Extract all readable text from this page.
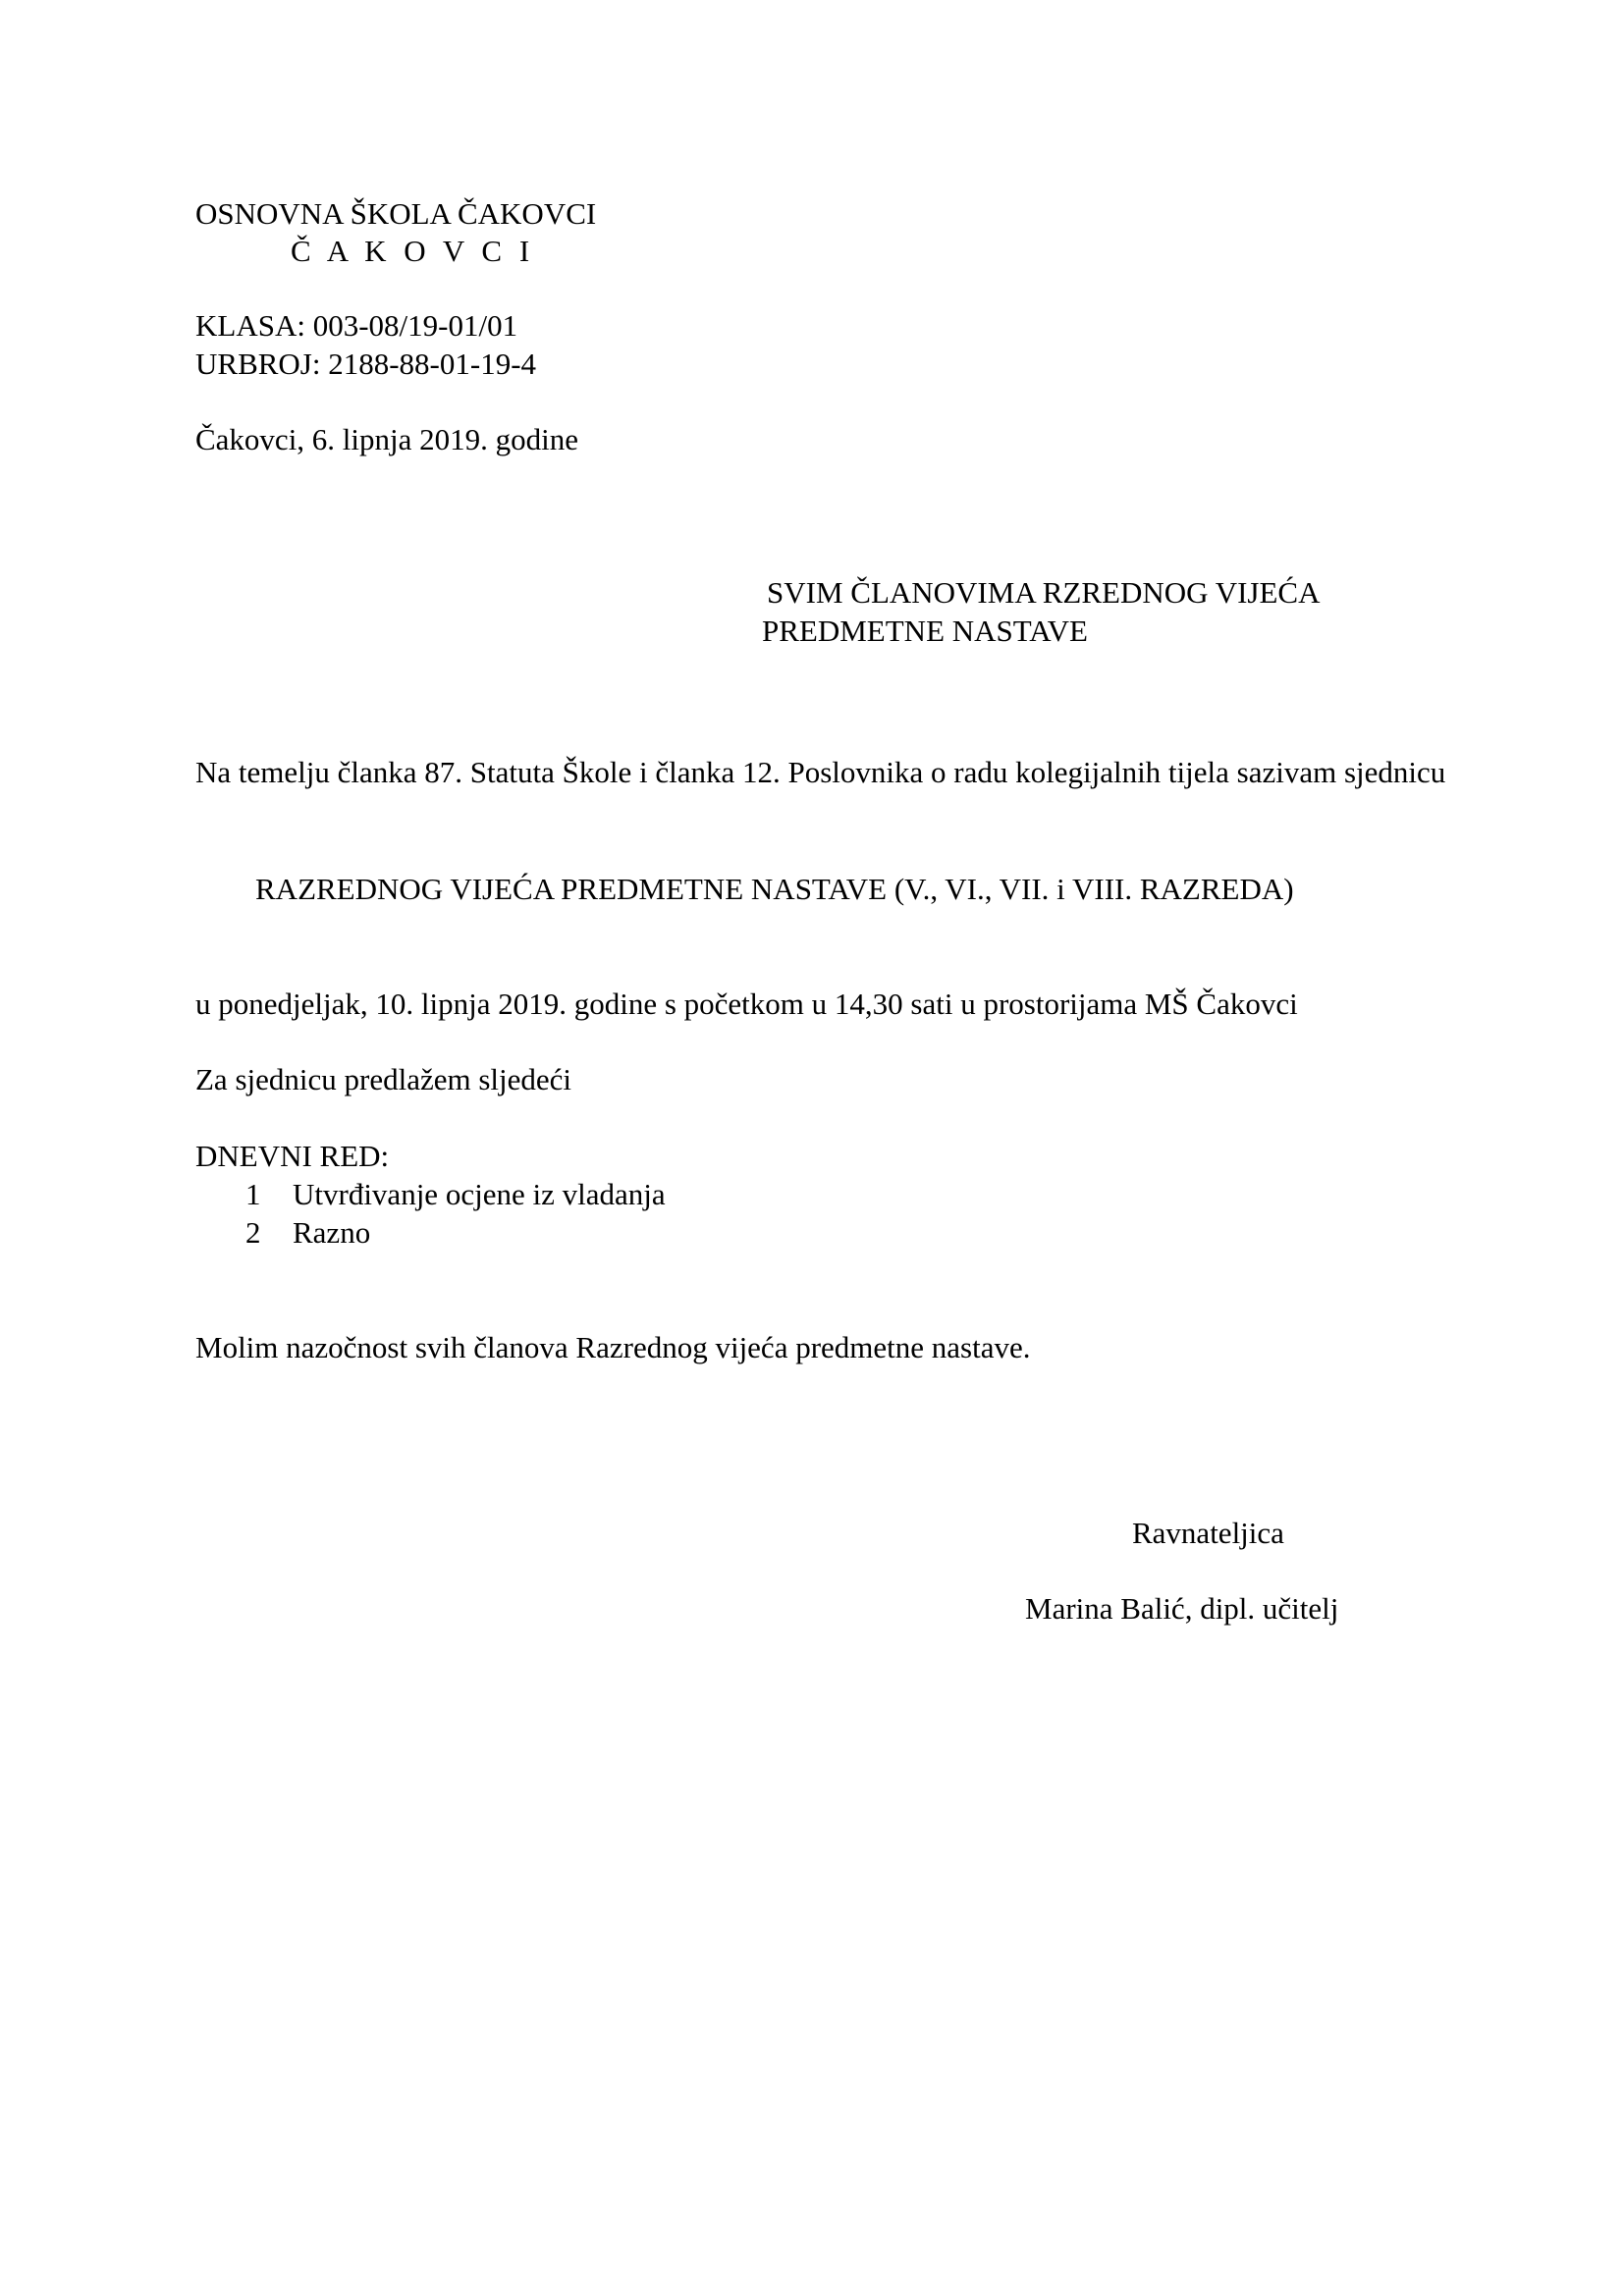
OSNOVNA ŠKOLA ČAKOVCI

Č A K O V C I

KLASA: 003-08/19-01/01

URBROJ: 2188-88-01-19-4

Čakovci, 6. lipnja 2019. godine

SVIM ČLANOVIMA RZREDNOG VIJEĆA

PREDMETNE NASTAVE

Na temelju članka 87. Statuta Škole i članka 12. Poslovnika o radu kolegijalnih tijela sazivam sjednicu

RAZREDNOG VIJEĆA PREDMETNE NASTAVE (V., VI., VII. i VIII. RAZREDA)

u ponedjeljak, 10. lipnja 2019. godine s početkom u 14,30 sati u prostorijama MŠ Čakovci

Za sjednicu predlažem sljedeći

DNEVNI RED:

1 Utvrđivanje ocjene iz vladanja
2 Razno

Molim nazočnost svih članova Razrednog vijeća predmetne nastave.

Ravnateljica

Marina Balić, dipl. učitelj
